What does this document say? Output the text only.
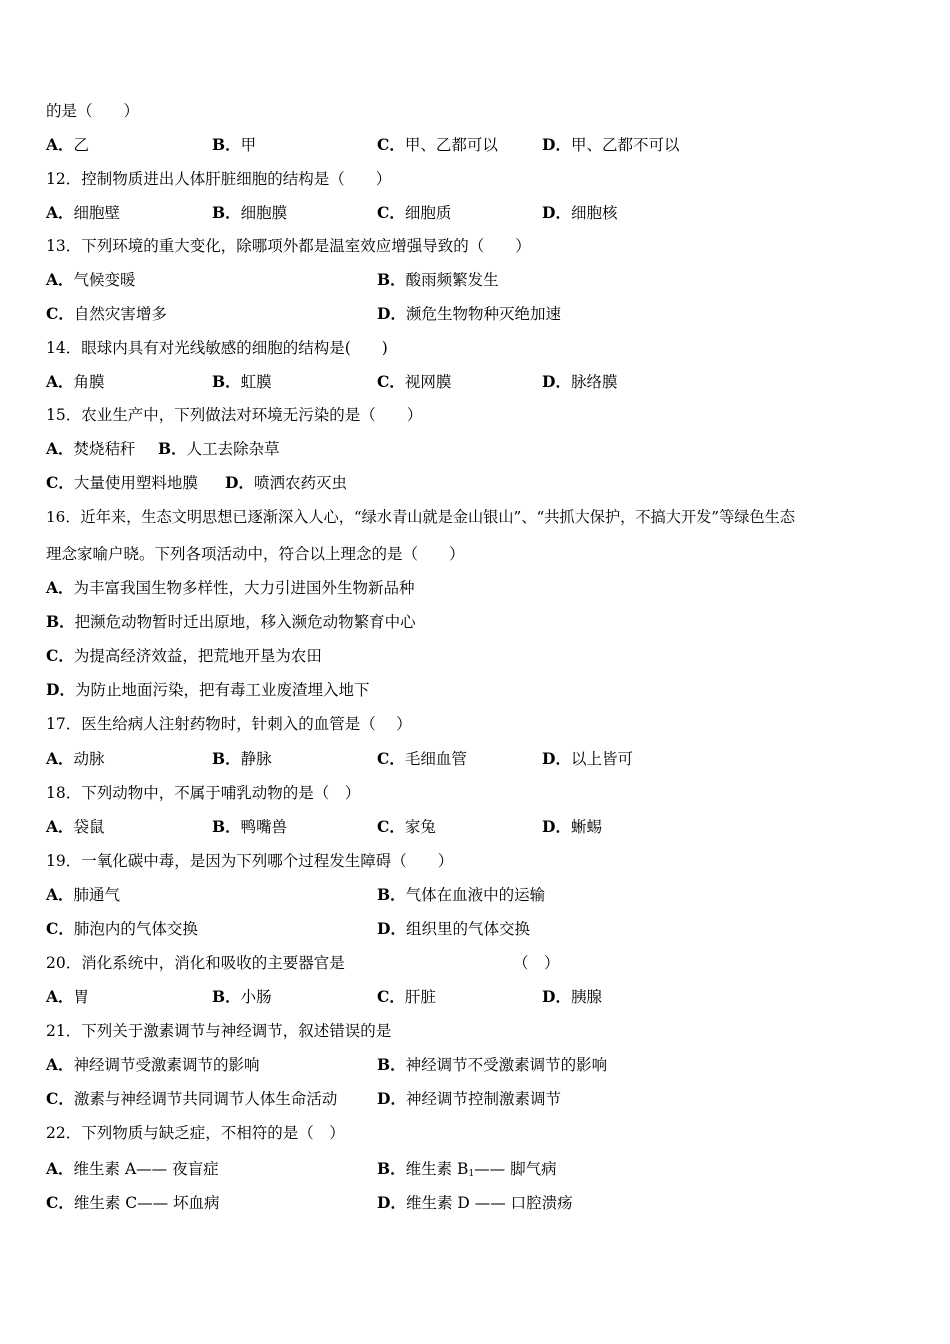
的是（　　）
A．乙	B．甲	C．甲、乙都可以	D．甲、乙都不可以
12．控制物质进出人体肝脏细胞的结构是（　　）
A．细胞壁	B．细胞膜	C．细胞质	D．细胞核
13．下列环境的重大变化，除哪项外都是温室效应增强导致的（　　）
A．气候变暖	B．酸雨频繁发生
C．自然灾害增多	D．濒危生物物种灭绝加速
14．眼球内具有对光线敏感的细胞的结构是(　　)
A．角膜	B．虹膜	C．视网膜	D．脉络膜
15．农业生产中，下列做法对环境无污染的是（　　）
A．焚烧秸秆 B．人工去除杂草
C．大量使用塑料地膜 D．喷洒农药灭虫
16．近年来，生态文明思想已逐渐深入人心，“绿水青山就是金山银山”、“共抓大保护，不搞大开发”等绿色生态
理念家喻户晓。下列各项活动中，符合以上理念的是（　　）
A．为丰富我国生物多样性，大力引进国外生物新品种
B．把濒危动物暂时迁出原地，移入濒危动物繁育中心
C．为提高经济效益，把荒地开垦为农田
D．为防止地面污染，把有毒工业废渣埋入地下
17．医生给病人注射药物时，针刺入的血管是（　 ）
A．动脉	B．静脉	C．毛细血管	D．以上皆可
18．下列动物中，不属于哺乳动物的是（　）
A．袋鼠	B．鸭嘴兽	C．家兔	D．蜥蜴
19．一氧化碳中毒，是因为下列哪个过程发生障碍（　　）
A．肺通气	B．气体在血液中的运输
C．肺泡内的气体交换	D．组织里的气体交换
20．消化系统中，消化和吸收的主要器官是	（　）
A．胃	B．小肠	C．肝脏	D．胰腺
21．下列关于激素调节与神经调节，叙述错误的是
A．神经调节受激素调节的影响	B．神经调节不受激素调节的影响
C．激素与神经调节共同调节人体生命活动	D．神经调节控制激素调节
22．下列物质与缺乏症，不相符的是（　）
A．维生素 A—— 夜盲症	B．维生素 $B_1——$ 脚气病
C．维生素 C—— 坏血病	D．维生素 D —— 口腔溃疡
